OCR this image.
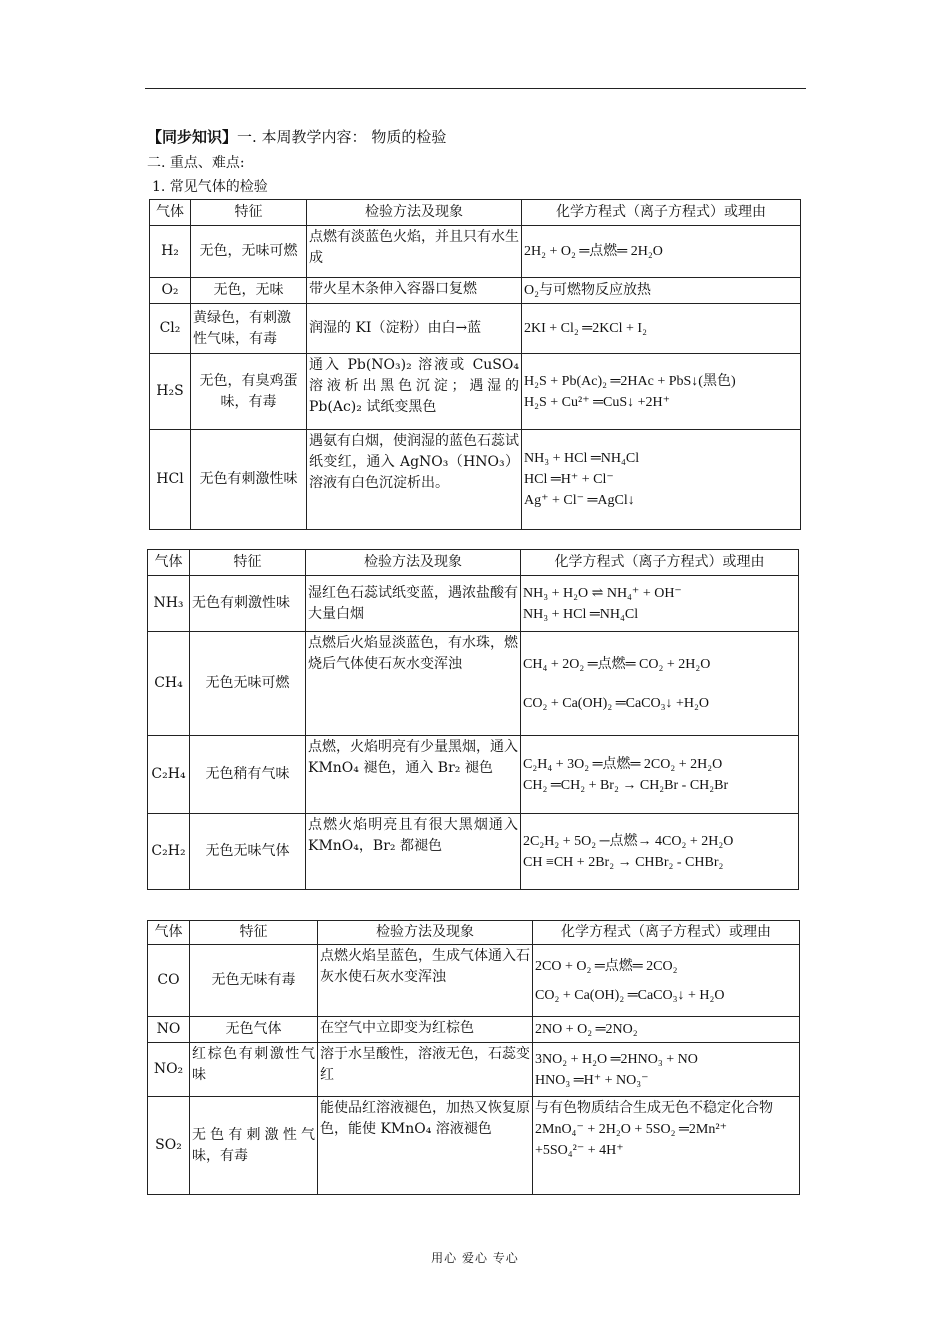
【同步知识】一. 本周教学内容： 物质的检验
二. 重点、难点:
1. 常见气体的检验
气体	特征	检验方法及现象	化学方程式（离子方程式）或理由
H₂	无色，无味可燃	点燃有淡蓝色火焰，并且只有水生成	2H₂ + O₂ ═点燃═ 2H₂O

O₂	无色，无味	带火星木条伸入容器口复燃	O₂与可燃物反应放热

Cl₂	黄绿色，有刺激性气味，有毒	润湿的 KI（淀粉）由白→蓝	2KI + Cl₂ ═2KCl + I₂

H₂S	无色，有臭鸡蛋味，有毒	通入 Pb(NO₃)₂ 溶液或 CuSO₄ 溶液析出黑色沉淀；遇湿的 Pb(Ac)₂ 试纸变黑色	H₂S + Pb(Ac)₂ ═2HAc + PbS↓(黑色)
H₂S + Cu²⁺ ═CuS↓ +2H⁺

HCl	无色有刺激性味	遇氨有白烟，使润湿的蓝色石蕊试纸变红，通入 AgNO₃（HNO₃）溶液有白色沉淀析出。	NH₃ + HCl ═NH₄Cl
HCl ═H⁺ + Cl⁻
Ag⁺ + Cl⁻ ═AgCl↓
气体	特征	检验方法及现象	化学方程式（离子方程式）或理由
NH₃	无色有刺激性味	湿红色石蕊试纸变蓝，遇浓盐酸有大量白烟	NH₃ + H₂O ⇌ NH₄⁺ + OH⁻
NH₃ + HCl ═NH₄Cl

CH₄	无色无味可燃	点燃后火焰显淡蓝色，有水珠，燃烧后气体使石灰水变浑浊	CH₄ + 2O₂ ═点燃═ CO₂ + 2H₂O
CO₂ + Ca(OH)₂ ═CaCO₃↓ +H₂O

C₂H₄	无色稍有气味	点燃，火焰明亮有少量黑烟，通入 KMnO₄ 褪色，通入 Br₂ 褪色	C₂H₄ + 3O₂ ═点燃═ 2CO₂ + 2H₂O
CH₂ ═CH₂ + Br₂ → CH₂Br - CH₂Br

C₂H₂	无色无味气体	点燃火焰明亮且有很大黑烟通入 KMnO₄，Br₂ 都褪色	2C₂H₂ + 5O₂ ─点燃→ 4CO₂ + 2H₂O
CH ≡CH + 2Br₂ → CHBr₂ - CHBr₂
气体	特征	检验方法及现象	化学方程式（离子方程式）或理由
CO	无色无味有毒	点燃火焰呈蓝色，生成气体通入石灰水使石灰水变浑浊	2CO + O₂ ═点燃═ 2CO₂
CO₂ + Ca(OH)₂ ═CaCO₃↓ + H₂O

NO	无色气体	在空气中立即变为红棕色	2NO + O₂ ═2NO₂

NO₂	红棕色有刺激性气味	溶于水呈酸性，溶液无色，石蕊变红	3NO₂ + H₂O ═2HNO₃ + NO
HNO₃ ═H⁺ + NO₃⁻

SO₂	无色有刺激性气味，有毒	能使品红溶液褪色，加热又恢复原色，能使 KMnO₄ 溶液褪色	与有色物质结合生成无色不稳定化合物
2MnO₄⁻ + 2H₂O + 5SO₂ ═2Mn²⁺
+5SO₄²⁻ + 4H⁺
用心 爱心 专心
